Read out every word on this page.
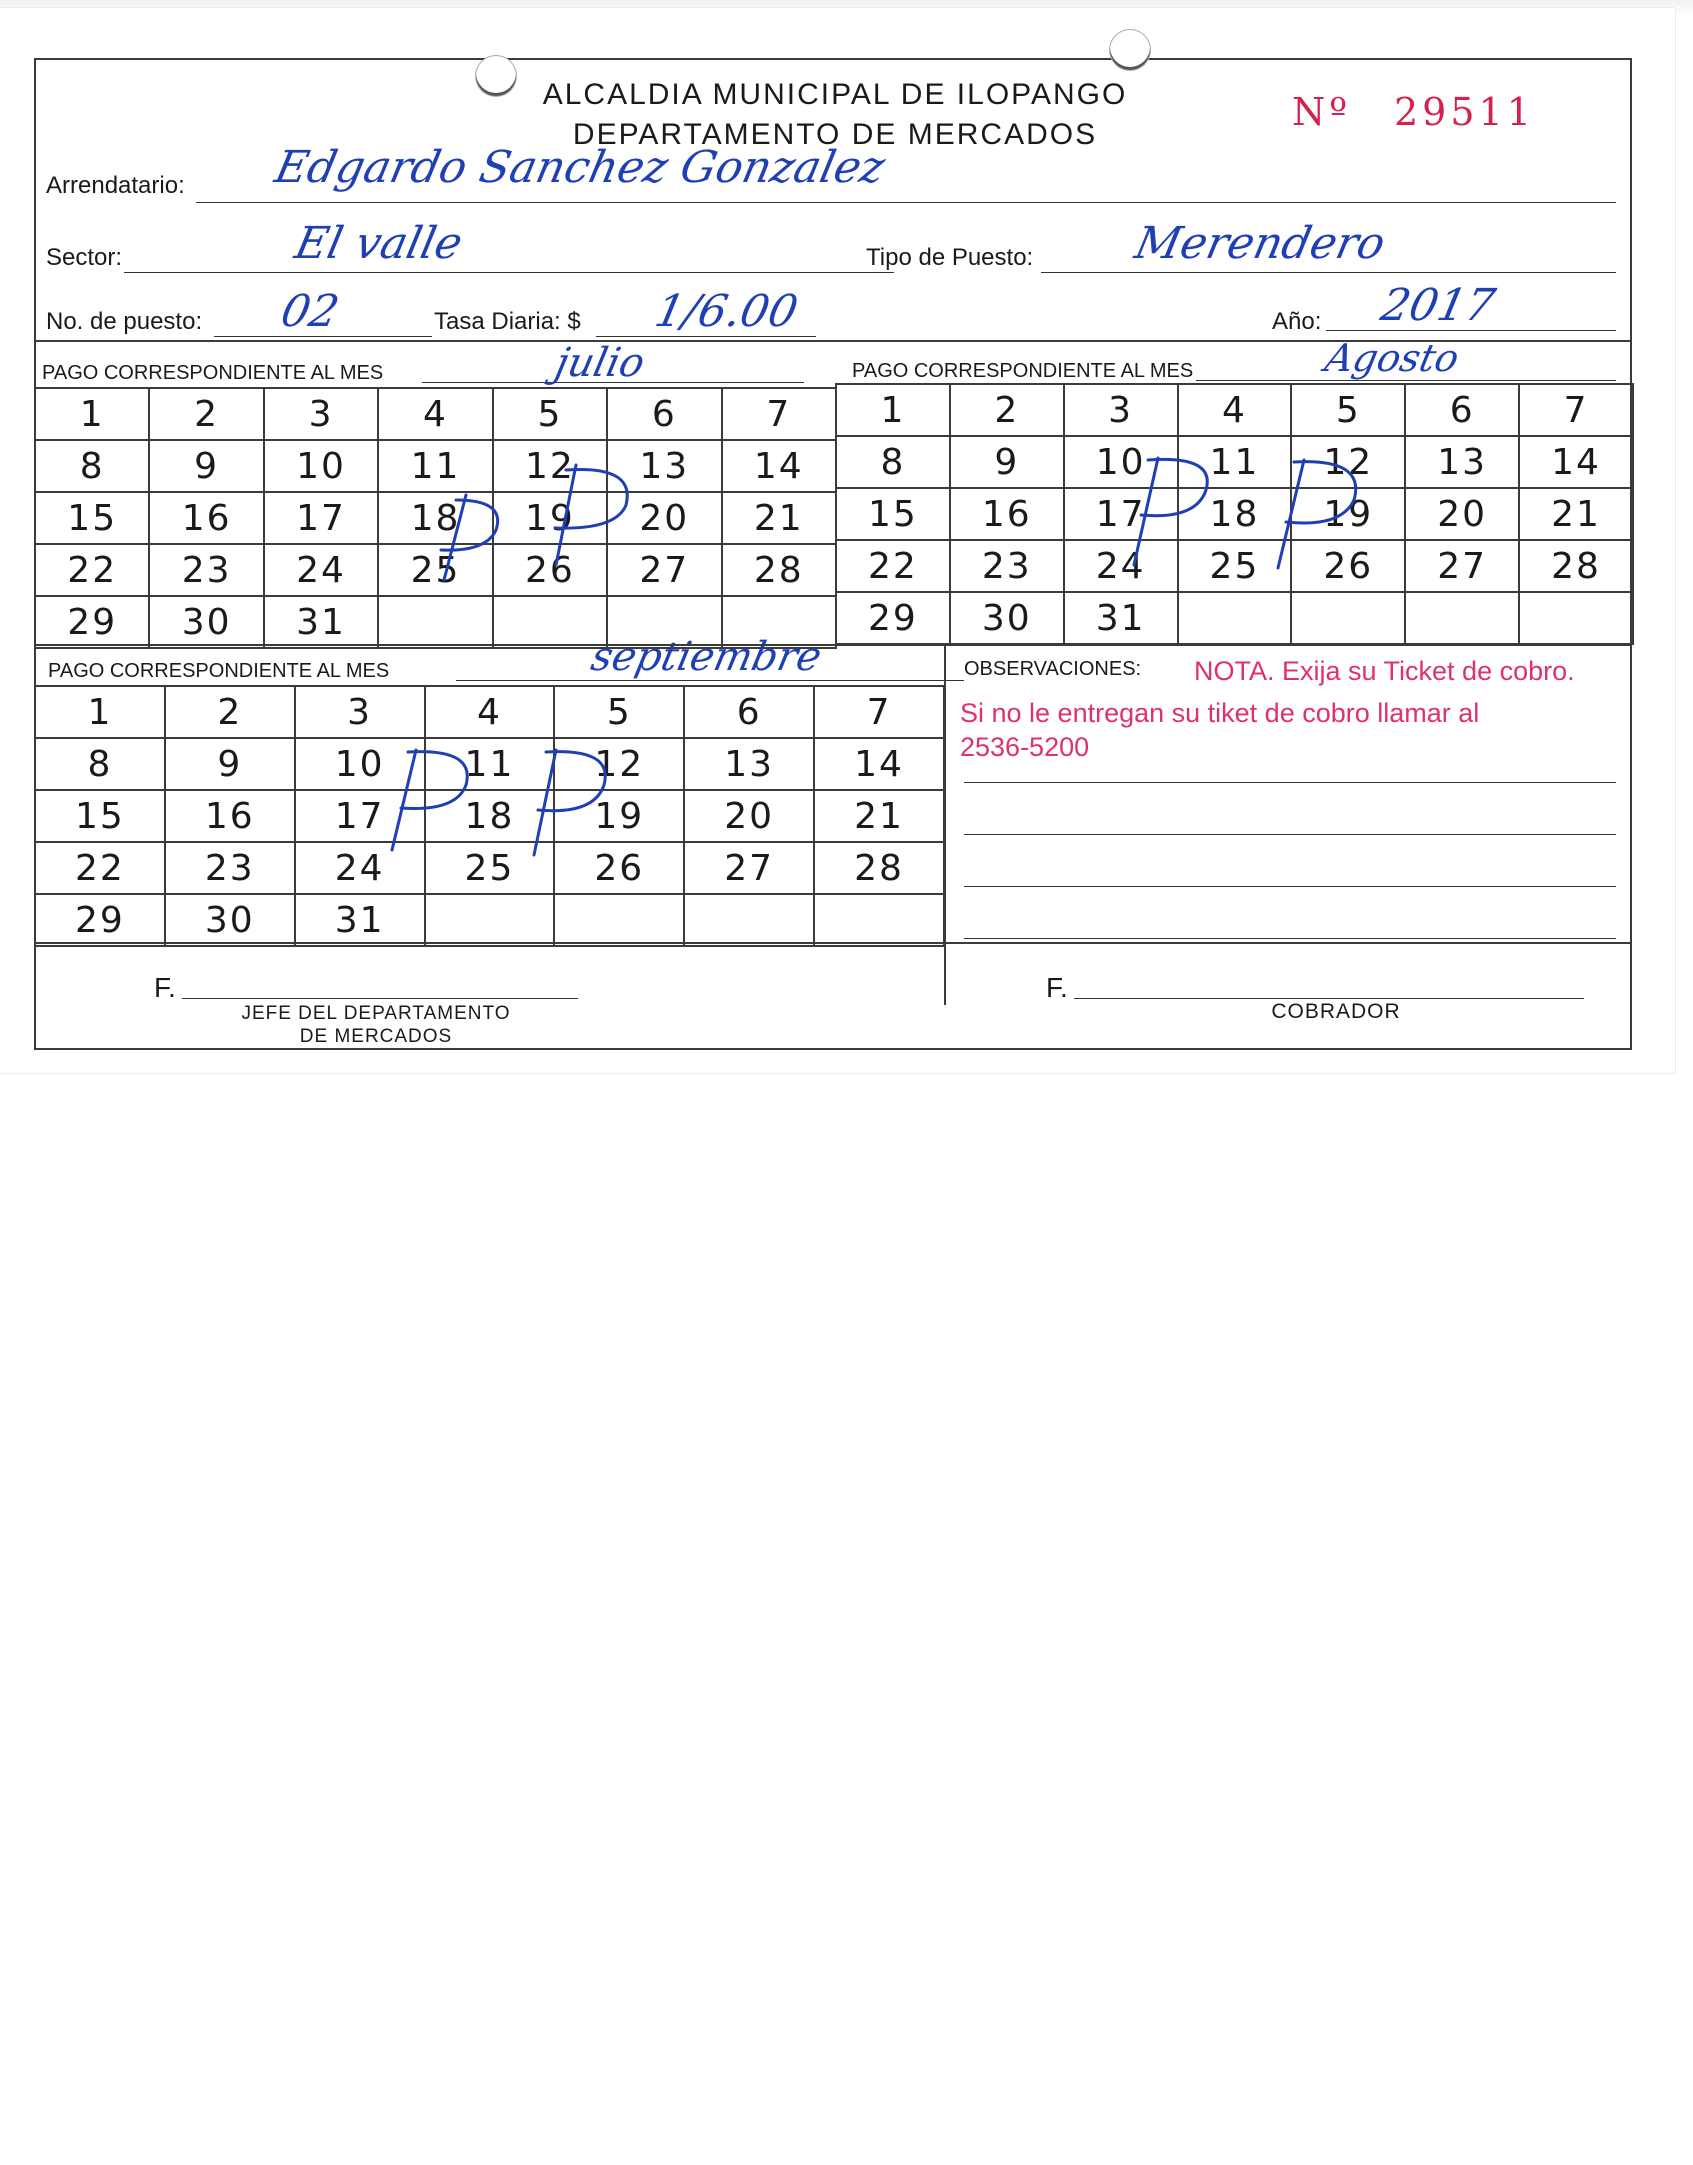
ALCALDIA MUNICIPAL DE ILOPANGO
DEPARTAMENTO DE MERCADOS
Nº 29511
Arrendatario: Edgardo Sanchez Gonzalez
Sector:	El valle	Tipo de Puesto: Merendero
No. de puesto: 02	Tasa Diaria: $ 1/6.00	Año: 2017
PAGO CORRESPONDIENTE AL MES	julio	PAGO CORRESPONDIENTE AL MES	Agosto
1	2	3	4	5	6	7
8	9	10	11	12	13	14
15	16	17	18	19	20	21
22	23	24	25	26	27	28
29	30	31				
1	2	3	4	5	6	7
8	9	10	11	12	13	14
15	16	17	18	19	20	21
22	23	24	25	26	27	28
29	30	31				
PAGO CORRESPONDIENTE AL MES	septiembre
1	2	3	4	5	6	7
8	9	10	11	12	13	14
15	16	17	18	19	20	21
22	23	24	25	26	27	28
29	30	31				
OBSERVACIONES: NOTA. Exija su Ticket de cobro.
Si no le entregan su tiket de cobro llamar al
2536-5200
F.
JEFE DEL DEPARTAMENTO
DE MERCADOS
F.
COBRADOR
